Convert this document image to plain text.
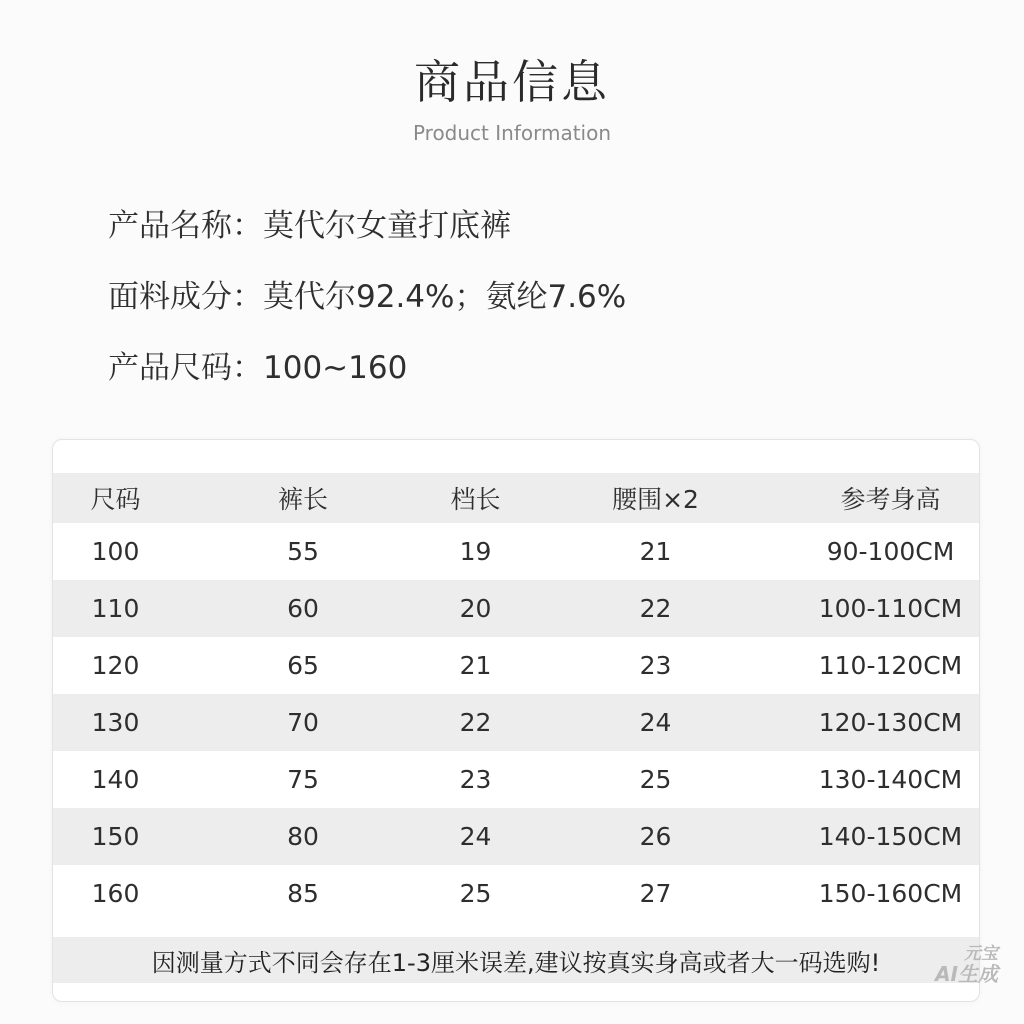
商品信息
Product Information
产品名称：莫代尔女童打底裤
面料成分：莫代尔92.4%；氨纶7.6%
产品尺码：100~160
尺码	裤长	档长	腰围×2	参考身高
100	55	19	21	90-100CM
110	60	20	22	100-110CM
120	65	21	23	110-120CM
130	70	22	24	120-130CM
140	75	23	25	130-140CM
150	80	24	26	140-150CM
160	85	25	27	150-160CM
因测量方式不同会存在1-3厘米误差,建议按真实身高或者大一码选购!	元宝
AI生成
